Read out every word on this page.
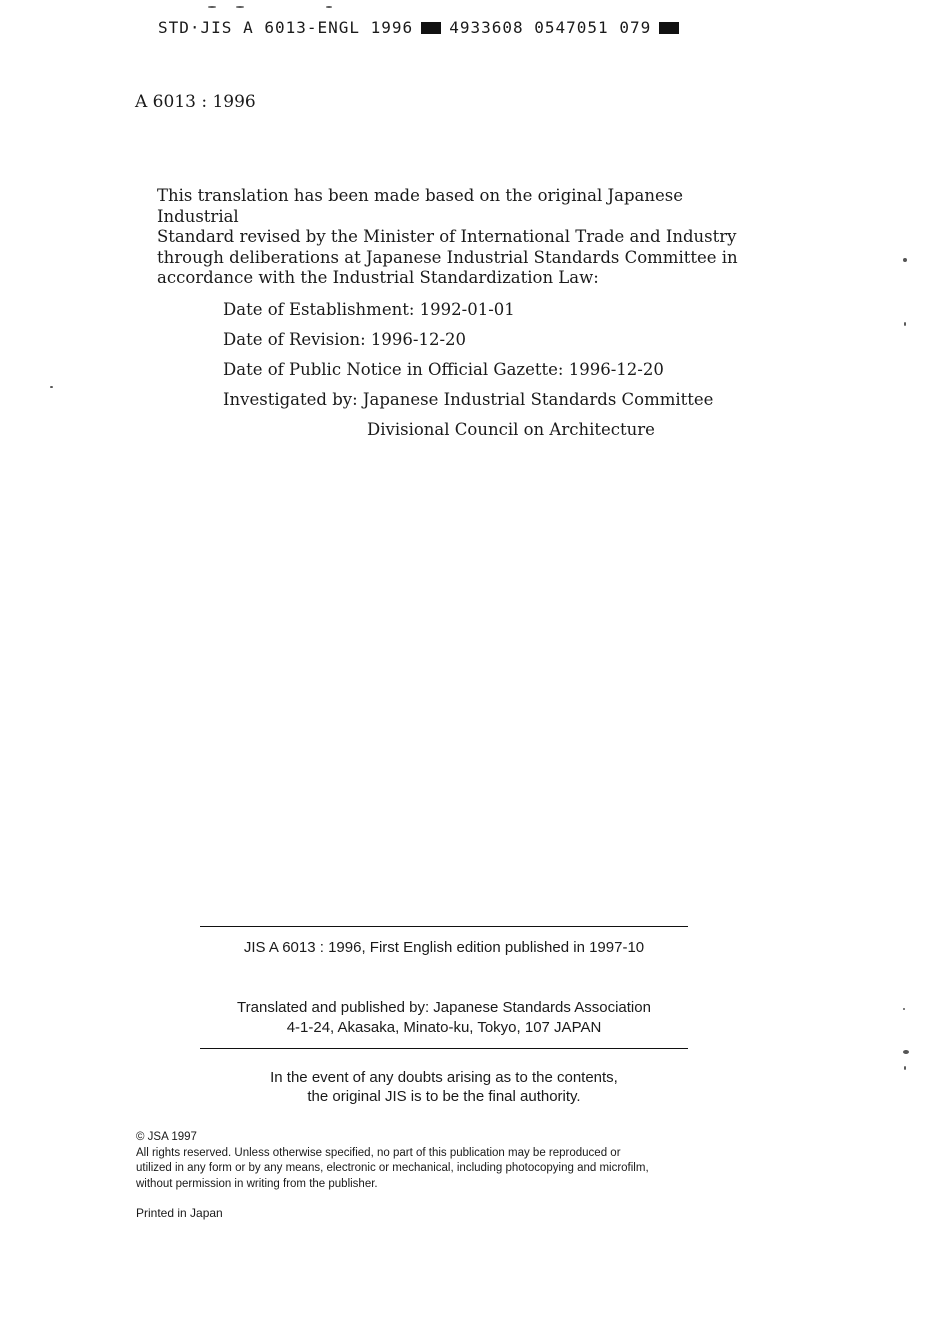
STD·JIS A 6013-ENGL 1996 4933608 0547051 079
A 6013 : 1996
This translation has been made based on the original Japanese Industrial
Standard revised by the Minister of International Trade and Industry
through deliberations at Japanese Industrial Standards Committee in
accordance with the Industrial Standardization Law:
Date of Establishment: 1992-01-01
Date of Revision: 1996-12-20
Date of Public Notice in Official Gazette: 1996-12-20
Investigated by: Japanese Industrial Standards Committee
Divisional Council on Architecture
JIS A 6013 : 1996, First English edition published in 1997-10
Translated and published by: Japanese Standards Association
4-1-24, Akasaka, Minato-ku, Tokyo, 107 JAPAN
In the event of any doubts arising as to the contents,
the original JIS is to be the final authority.
© JSA 1997
All rights reserved. Unless otherwise specified, no part of this publication may be reproduced or
utilized in any form or by any means, electronic or mechanical, including photocopying and microfilm,
without permission in writing from the publisher.
Printed in Japan
